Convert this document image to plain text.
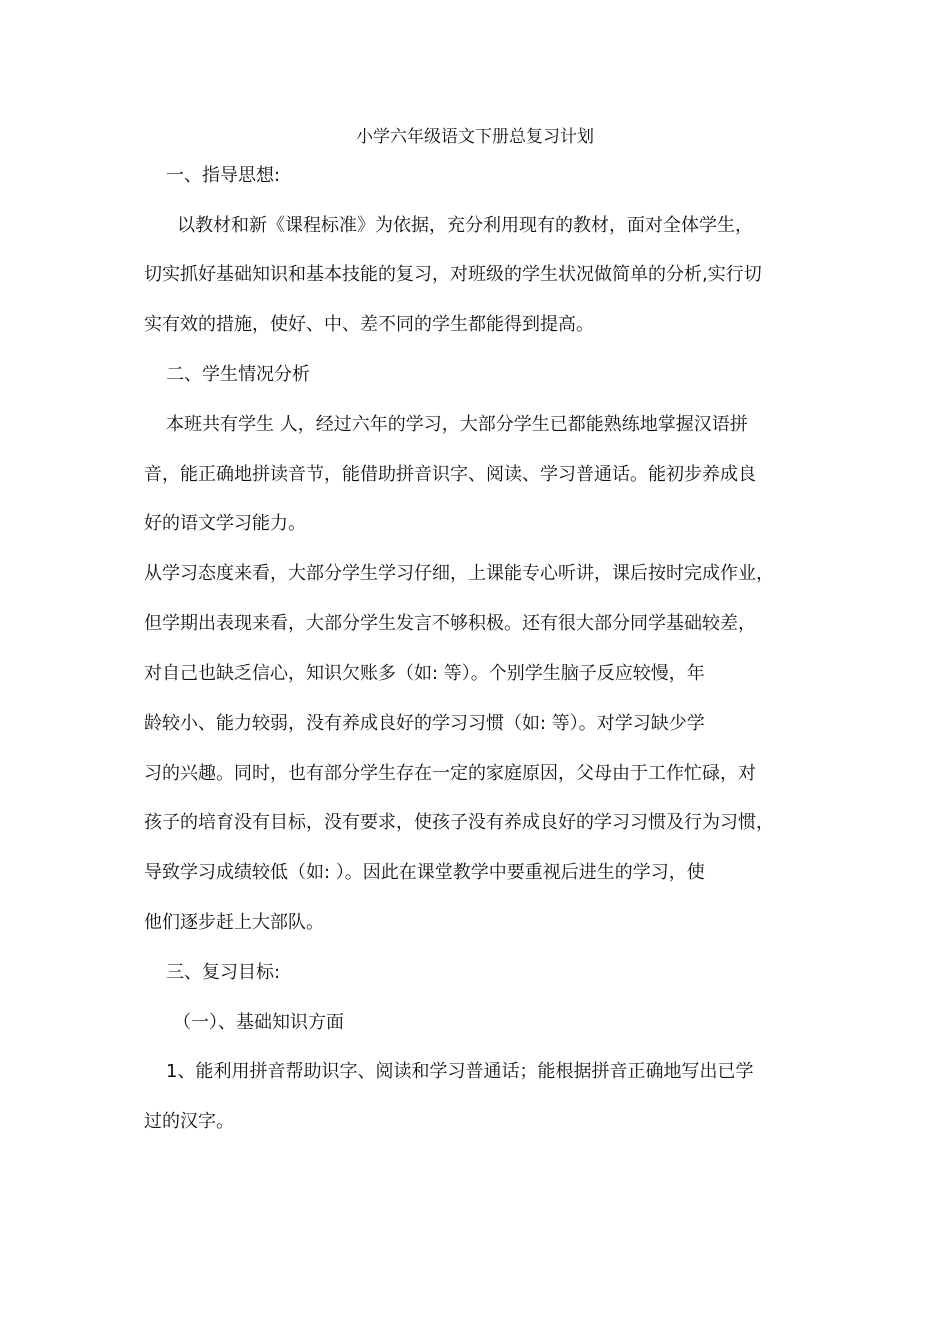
小学六年级语文下册总复习计划
一、指导思想:
以教材和新《课程标准》为依据，充分利用现有的教材，面对全体学生，
切实抓好基础知识和基本技能的复习，对班级的学生状况做简单的分析,实行切
实有效的措施，使好、中、差不同的学生都能得到提高。
二、学生情况分析
本班共有学生 人，经过六年的学习，大部分学生已都能熟练地掌握汉语拼
音，能正确地拼读音节，能借助拼音识字、阅读、学习普通话。能初步养成良
好的语文学习能力。
从学习态度来看，大部分学生学习仔细，上课能专心听讲，课后按时完成作业，
但学期出表现来看，大部分学生发言不够积极。还有很大部分同学基础较差，
对自己也缺乏信心，知识欠账多（如: 等）。个别学生脑子反应较慢，年
龄较小、能力较弱，没有养成良好的学习习惯（如: 等）。对学习缺少学
习的兴趣。同时，也有部分学生存在一定的家庭原因，父母由于工作忙碌，对
孩子的培育没有目标，没有要求，使孩子没有养成良好的学习习惯及行为习惯，
导致学习成绩较低（如: ）。因此在课堂教学中要重视后进生的学习，使
他们逐步赶上大部队。
三、复习目标:
（一）、基础知识方面
1、能利用拼音帮助识字、阅读和学习普通话；能根据拼音正确地写出已学
过的汉字。
